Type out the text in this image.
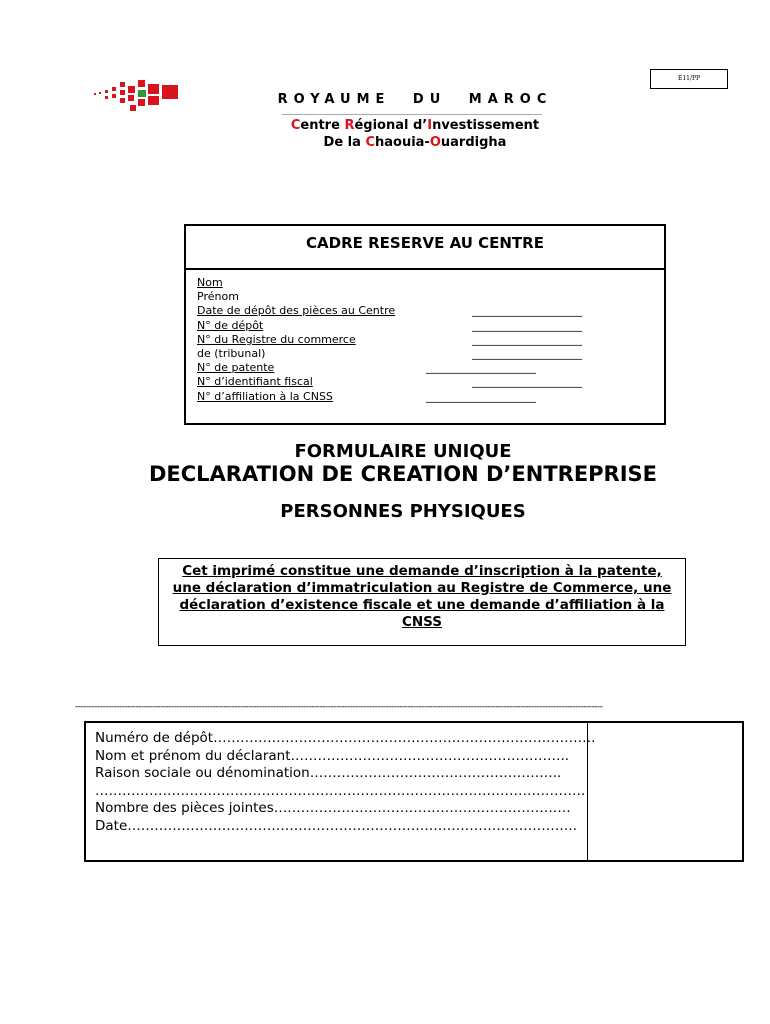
E11/PP
ROYAUME DU MAROC
Centre Régional d’Investissement
De la Chaouia-Ouardigha
CADRE RESERVE AU CENTRE
Nom
Prénom
Date de dépôt des pièces au Centre	____________________
N° de dépôt	____________________
N° du Registre du commerce	____________________
de (tribunal)	____________________
N° de patente	____________________
N° d’identifiant fiscal	____________________
N° d’affiliation à la CNSS	____________________
FORMULAIRE UNIQUE
DECLARATION DE CREATION D’ENTREPRISE
PERSONNES PHYSIQUES
Cet imprimé constitue une demande d’inscription à la patente, une déclaration d’immatriculation au Registre de Commerce, une déclaration d’existence fiscale et une demande d’affiliation à la CNSS
------------------------------------------------------------------------------------------------------------------------------------------------------------------------------------------------
Numéro de dépôt………………………………………………………………………….
Nom et prénom du déclarant……………………………………………………..
Raison sociale ou dénomination………………………………………………..
……………………………………………………………………………………………….
Nombre des pièces jointes…………………………………………………………
Date……………………………………………………………………………………….
